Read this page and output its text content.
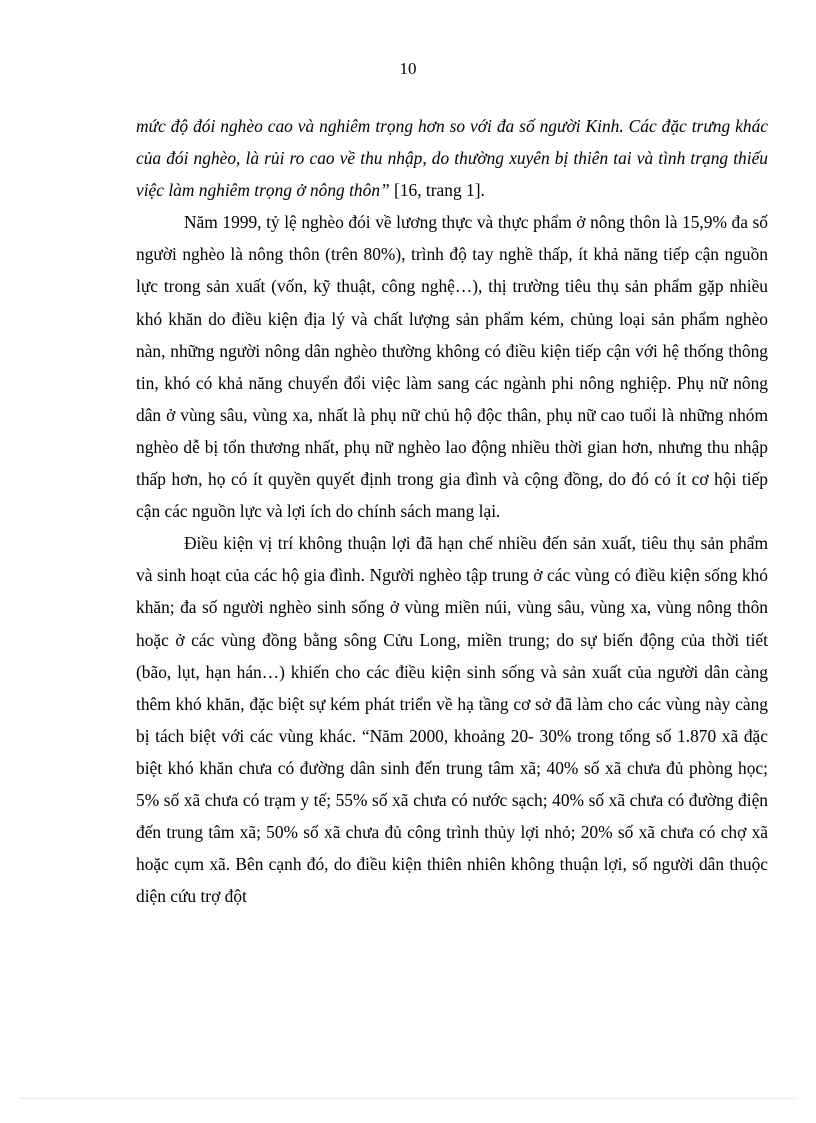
10

mức độ đói nghèo cao và nghiêm trọng hơn so với đa số người Kinh. Các đặc trưng khác của đói nghèo, là rủi ro cao về thu nhập, do thường xuyên bị thiên tai và tình trạng thiếu việc làm nghiêm trọng ở nông thôn” [16, trang 1].

Năm 1999, tỷ lệ nghèo đói về lương thực và thực phẩm ở nông thôn là 15,9% đa số người nghèo là nông thôn (trên 80%), trình độ tay nghề thấp, ít khả năng tiếp cận nguồn lực trong sản xuất (vốn, kỹ thuật, công nghệ…), thị trường tiêu thụ sản phẩm gặp nhiều khó khăn do điều kiện địa lý và chất lượng sản phẩm kém, chủng loại sản phẩm nghèo nàn, những người nông dân nghèo thường không có điều kiện tiếp cận với hệ thống thông tin, khó có khả năng chuyển đổi việc làm sang các ngành phi nông nghiệp. Phụ nữ nông dân ở vùng sâu, vùng xa, nhất là phụ nữ chủ hộ độc thân, phụ nữ cao tuổi là những nhóm nghèo dễ bị tổn thương nhất, phụ nữ nghèo lao động nhiều thời gian hơn, nhưng thu nhập thấp hơn, họ có ít quyền quyết định trong gia đình và cộng đồng, do đó có ít cơ hội tiếp cận các nguồn lực và lợi ích do chính sách mang lại.

Điều kiện vị trí không thuận lợi đã hạn chế nhiều đến sản xuất, tiêu thụ sản phẩm và sinh hoạt của các hộ gia đình. Người nghèo tập trung ở các vùng có điều kiện sống khó khăn; đa số người nghèo sinh sống ở vùng miền núi, vùng sâu, vùng xa, vùng nông thôn hoặc ở các vùng đồng bằng sông Cửu Long, miền trung; do sự biến động của thời tiết (bão, lụt, hạn hán…) khiến cho các điều kiện sinh sống và sản xuất của người dân càng thêm khó khăn, đặc biệt sự kém phát triển về hạ tầng cơ sở đã làm cho các vùng này càng bị tách biệt với các vùng khác. “Năm 2000, khoảng 20- 30% trong tổng số 1.870 xã đặc biệt khó khăn chưa có đường dân sinh đến trung tâm xã; 40% số xã chưa đủ phòng học; 5% số xã chưa có trạm y tế; 55% số xã chưa có nước sạch; 40% số xã chưa có đường điện đến trung tâm xã; 50% số xã chưa đủ công trình thủy lợi nhỏ; 20% số xã chưa có chợ xã hoặc cụm xã. Bên cạnh đó, do điều kiện thiên nhiên không thuận lợi, số người dân thuộc diện cứu trợ đột
